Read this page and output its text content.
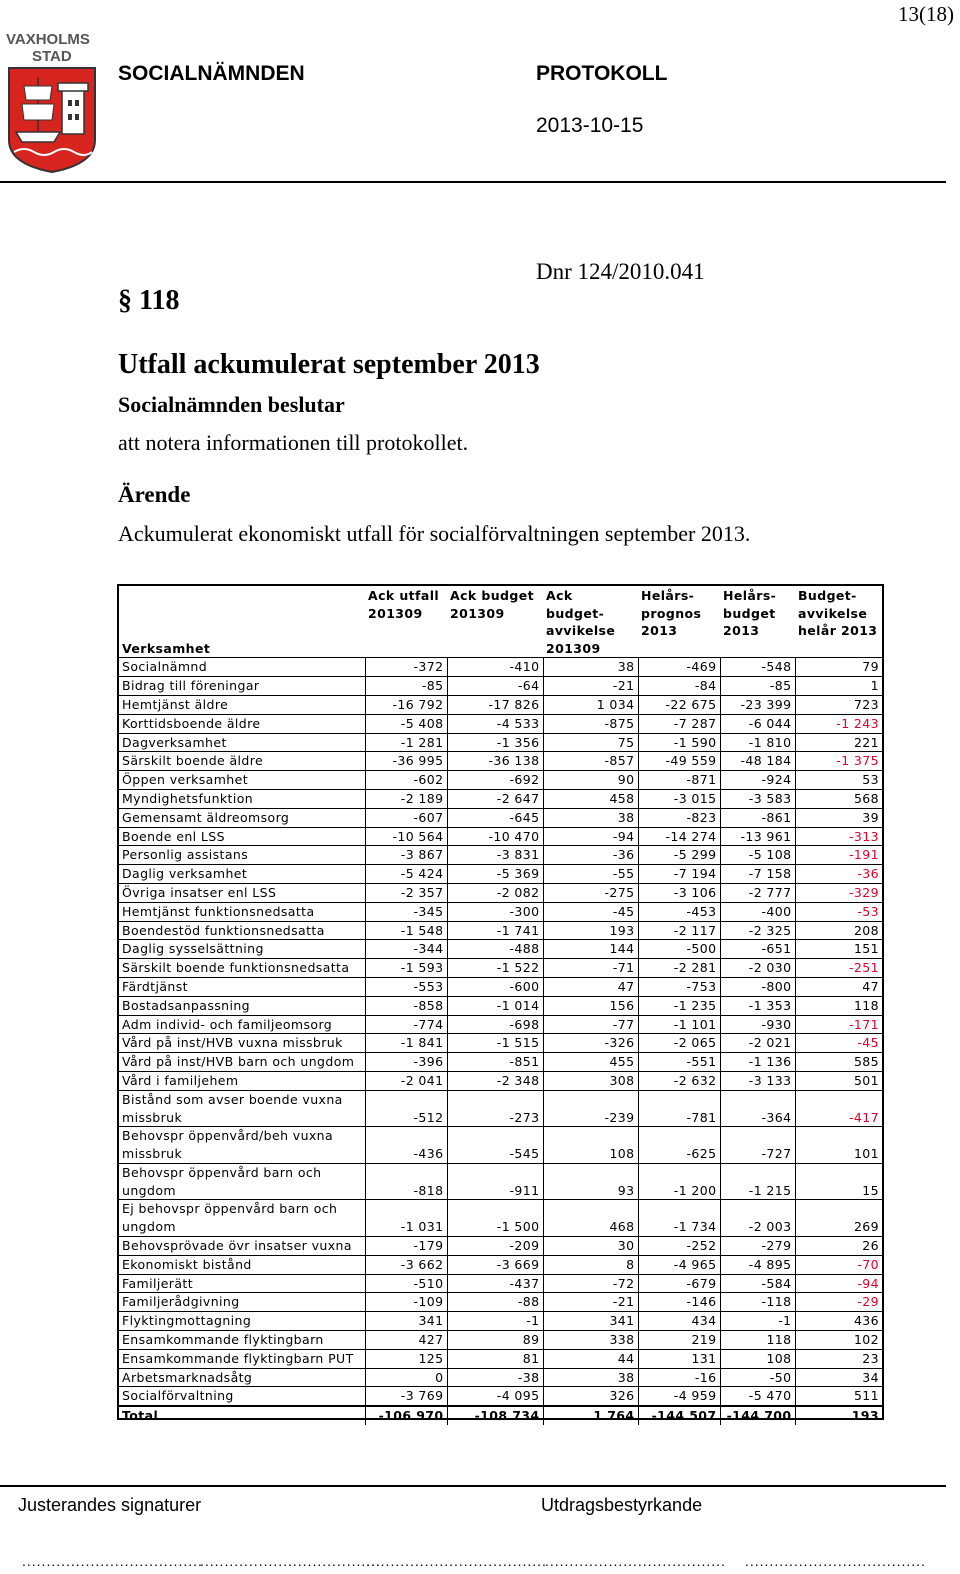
13(18)
VAXHOLMS
STAD
SOCIALNÄMNDEN	PROTOKOLL
2013-10-15
Dnr 124/2010.041
§ 118
Utfall ackumulerat september 2013
Socialnämnden beslutar
att notera informationen till protokollet.
Ärende
Ackumulerat ekonomiskt utfall för socialförvaltningen september 2013.
Verksamhet	Ack utfall 201309	Ack budget 201309	Ack budget-avvikelse 201309	Helårs-prognos 2013	Helårs-budget 2013	Budget-avvikelse helår 2013
Socialnämnd	-372	-410	38	-469	-548	79
Bidrag till föreningar	-85	-64	-21	-84	-85	1
Hemtjänst äldre	-16 792	-17 826	1 034	-22 675	-23 399	723
Korttidsboende äldre	-5 408	-4 533	-875	-7 287	-6 044	-1 243
Dagverksamhet	-1 281	-1 356	75	-1 590	-1 810	221
Särskilt boende äldre	-36 995	-36 138	-857	-49 559	-48 184	-1 375
Öppen verksamhet	-602	-692	90	-871	-924	53
Myndighetsfunktion	-2 189	-2 647	458	-3 015	-3 583	568
Gemensamt äldreomsorg	-607	-645	38	-823	-861	39
Boende enl LSS	-10 564	-10 470	-94	-14 274	-13 961	-313
Personlig assistans	-3 867	-3 831	-36	-5 299	-5 108	-191
Daglig verksamhet	-5 424	-5 369	-55	-7 194	-7 158	-36
Övriga insatser enl LSS	-2 357	-2 082	-275	-3 106	-2 777	-329
Hemtjänst funktionsnedsatta	-345	-300	-45	-453	-400	-53
Boendestöd funktionsnedsatta	-1 548	-1 741	193	-2 117	-2 325	208
Daglig sysselsättning	-344	-488	144	-500	-651	151
Särskilt boende funktionsnedsatta	-1 593	-1 522	-71	-2 281	-2 030	-251
Färdtjänst	-553	-600	47	-753	-800	47
Bostadsanpassning	-858	-1 014	156	-1 235	-1 353	118
Adm individ- och familjeomsorg	-774	-698	-77	-1 101	-930	-171
Vård på inst/HVB vuxna missbruk	-1 841	-1 515	-326	-2 065	-2 021	-45
Vård på inst/HVB barn och ungdom	-396	-851	455	-551	-1 136	585
Vård i familjehem	-2 041	-2 348	308	-2 632	-3 133	501
Bistånd som avser boende vuxna missbruk	-512	-273	-239	-781	-364	-417
Behovspr öppenvård/beh vuxna missbruk	-436	-545	108	-625	-727	101
Behovspr öppenvård barn och ungdom	-818	-911	93	-1 200	-1 215	15
Ej behovspr öppenvård barn och ungdom	-1 031	-1 500	468	-1 734	-2 003	269
Behovsprövade övr insatser vuxna	-179	-209	30	-252	-279	26
Ekonomiskt bistånd	-3 662	-3 669	8	-4 965	-4 895	-70
Familjerätt	-510	-437	-72	-679	-584	-94
Familjerådgivning	-109	-88	-21	-146	-118	-29
Flyktingmottagning	341	-1	341	434	-1	436
Ensamkommande flyktingbarn	427	89	338	219	118	102
Ensamkommande flyktingbarn PUT	125	81	44	131	108	23
Arbetsmarknadsåtg	0	-38	38	-16	-50	34
Socialförvaltning	-3 769	-4 095	326	-4 959	-5 470	511
Total	-106 970	-108 734	1 764	-144 507	-144 700	193
Justerandes signaturer	Utdragsbestyrkande
.....................................
.....................................
.....................................
..................................... .....................................
